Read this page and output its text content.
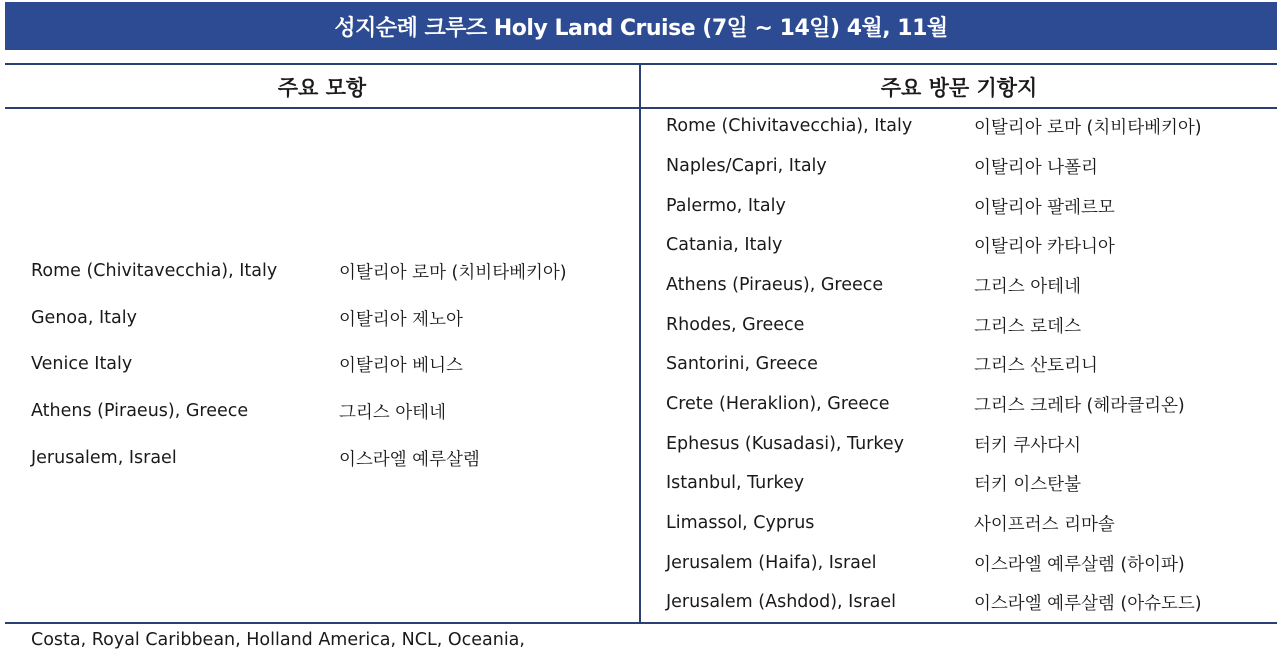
성지순례 크루즈 Holy Land Cruise (7일 ~ 14일) 4월, 11월
주요 모항	주요 방문 기항지
Rome (Chivitavecchia), Italy	이탈리아 로마 (치비타베키아)
Genoa, Italy	이탈리아 제노아
Venice Italy	이탈리아 베니스
Athens (Piraeus), Greece	그리스 아테네
Jerusalem, Israel	이스라엘 예루살렘
Rome (Chivitavecchia), Italy	이탈리아 로마 (치비타베키아)
Naples/Capri, Italy	이탈리아 나폴리
Palermo, Italy	이탈리아 팔레르모
Catania, Italy	이탈리아 카타니아
Athens (Piraeus), Greece	그리스 아테네
Rhodes, Greece	그리스 로데스
Santorini, Greece	그리스 산토리니
Crete (Heraklion), Greece	그리스 크레타 (헤라클리온)
Ephesus (Kusadasi), Turkey	터키 쿠사다시
Istanbul, Turkey	터키 이스탄불
Limassol, Cyprus	사이프러스 리마솔
Jerusalem (Haifa), Israel	이스라엘 예루살렘 (하이파)
Jerusalem (Ashdod), Israel	이스라엘 예루살렘 (아슈도드)
Costa, Royal Caribbean, Holland America, NCL, Oceania,
